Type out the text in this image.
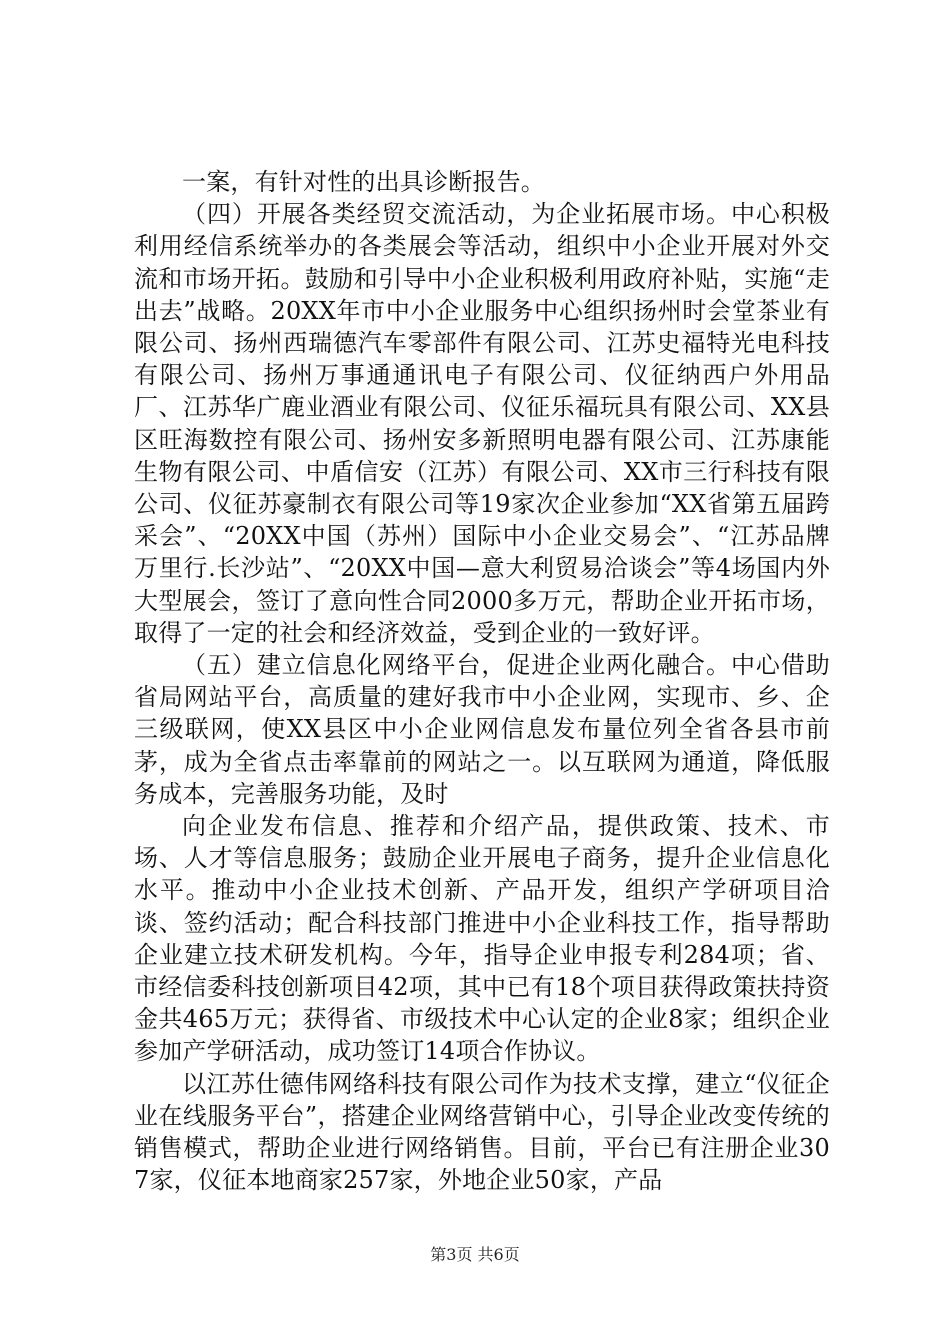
一案，有针对性的出具诊断报告。

（四）开展各类经贸交流活动，为企业拓展市场。中心积极利用经信系统举办的各类展会等活动，组织中小企业开展对外交流和市场开拓。鼓励和引导中小企业积极利用政府补贴，实施“走出去”战略。20XX年市中小企业服务中心组织扬州时会堂茶业有限公司、扬州西瑞德汽车零部件有限公司、江苏史福特光电科技有限公司、扬州万事通通讯电子有限公司、仪征纳西户外用品厂、江苏华广鹿业酒业有限公司、仪征乐福玩具有限公司、XX县区旺海数控有限公司、扬州安多新照明电器有限公司、江苏康能生物有限公司、中盾信安（江苏）有限公司、XX市三行科技有限公司、仪征苏豪制衣有限公司等19家次企业参加“XX省第五届跨采会”、“20XX中国（苏州）国际中小企业交易会”、“江苏品牌万里行.长沙站”、“20XX中国—意大利贸易洽谈会”等4场国内外大型展会，签订了意向性合同2000多万元，帮助企业开拓市场，取得了一定的社会和经济效益，受到企业的一致好评。

（五）建立信息化网络平台，促进企业两化融合。中心借助省局网站平台，高质量的建好我市中小企业网，实现市、乡、企三级联网，使XX县区中小企业网信息发布量位列全省各县市前茅，成为全省点击率靠前的网站之一。以互联网为通道，降低服务成本，完善服务功能，及时

向企业发布信息、推荐和介绍产品，提供政策、技术、市场、人才等信息服务；鼓励企业开展电子商务，提升企业信息化水平。推动中小企业技术创新、产品开发，组织产学研项目洽谈、签约活动；配合科技部门推进中小企业科技工作，指导帮助企业建立技术研发机构。今年，指导企业申报专利284项；省、市经信委科技创新项目42项，其中已有18个项目获得政策扶持资金共465万元；获得省、市级技术中心认定的企业8家；组织企业参加产学研活动，成功签订14项合作协议。

以江苏仕德伟网络科技有限公司作为技术支撑，建立“仪征企业在线服务平台”，搭建企业网络营销中心，引导企业改变传统的销售模式，帮助企业进行网络销售。目前，平台已有注册企业307家，仪征本地商家257家，外地企业50家，产品

第3页 共6页
